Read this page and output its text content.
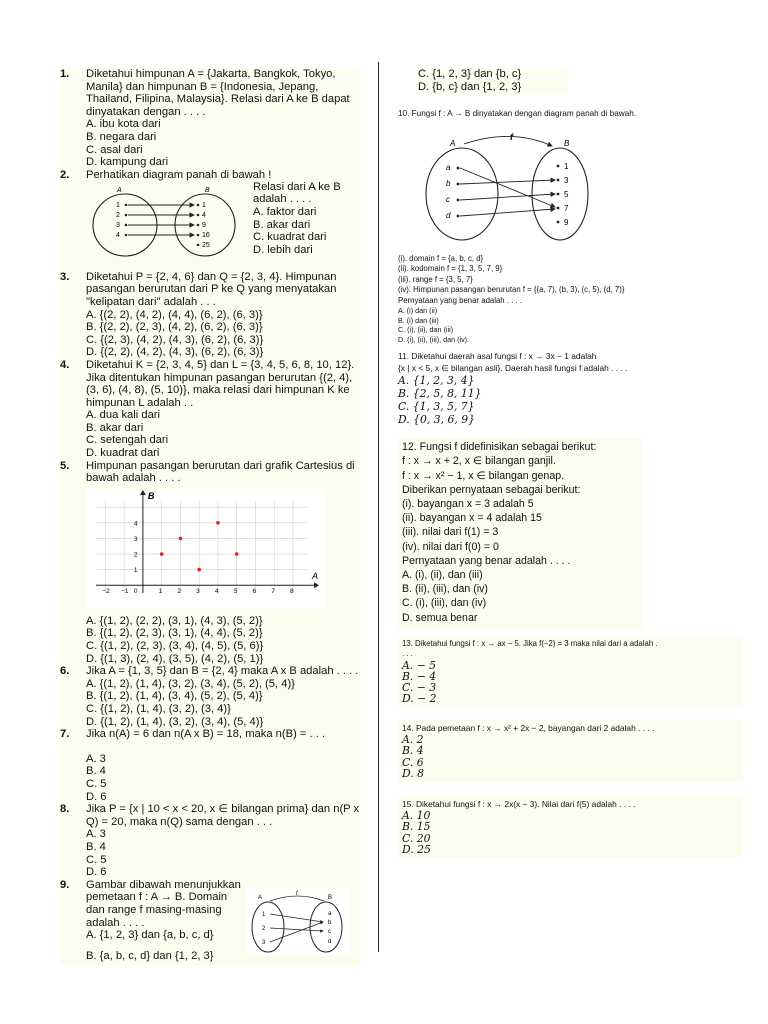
1. Diketahui himpunan A = {Jakarta, Bangkok, Tokyo, Manila} dan himpunan B = {Indonesia, Jepang, Thailand, Filipina, Malaysia}. Relasi dari A ke B dapat dinyatakan dengan . . . .
A. ibu kota dari
B. negara dari
C. asal dari
D. kampung dari
2. Perhatikan diagram panah di bawah !
A	B
1
2
3
4
1
4
9
16
25
Relasi dari A ke B adalah . . . .
A. faktor dari
B. akar dari
C. kuadrat dari
D. lebih dari
3. Diketahui P = {2, 4, 6} dan Q = {2, 3, 4}. Himpunan pasangan berurutan dari P ke Q yang menyatakan "kelipatan dari" adalah . . .
A. {(2, 2), (4, 2), (4, 4), (6, 2), (6, 3)}
B. {(2, 2), (2, 3), (4, 2), (6, 2), (6, 3)}
C. {(2, 3), (4, 2), (4, 3), (6, 2), (6, 3)}
D. {(2, 2), (4, 2), (4, 3), (6, 2), (6, 3)}
4. Diketahui K = {2, 3, 4, 5} dan L = {3, 4, 5, 6, 8, 10, 12}. Jika ditentukan himpunan pasangan berurutan {(2, 4), (3, 6), (4, 8), (5, 10)}, maka relasi dari himpunan K ke himpunan L adalah . .
A. dua kali dari
B. akar dari
C. setengah dari
D. kuadrat dari
5. Himpunan pasangan berurutan dari grafik Cartesius di bawah adalah . . . .
A
B
−2 −1 0	1 2 3 4 5 6 7 8
1
2
3
4
A. {(1, 2), (2, 2), (3, 1), (4, 3), (5, 2)}
B. {(1, 2), (2, 3), (3, 1), (4, 4), (5, 2)}
C. {(1, 2), (2, 3), (3, 4), (4, 5), (5, 6)}
D. {(1, 3), (2, 4), (3, 5), (4, 2), (5, 1)}
6. Jika A = {1, 3, 5} dan B = {2, 4} maka A x B adalah . . . .
A. {(1, 2), (1, 4), (3, 2), (3, 4), (5, 2), (5, 4)}
B. {(1, 2), (1, 4), (3, 4), (5, 2), (5, 4)}
C. {(1, 2), (1, 4), (3, 2), (3, 4)}
D. {(1, 2), (1, 4), (3, 2), (3, 4), (5, 4)}
7. Jika n(A) = 6 dan n(A x B) = 18, maka n(B) = . . .
A. 3
B. 4
C. 5
D. 6
8. Jika P = {x | 10 < x < 20, x ∈ bilangan prima} dan n(P x Q) = 20, maka n(Q) sama dengan . . .
A. 3
B. 4
C. 5
D. 6
9. Gambar dibawah menunjukkan pemetaan f : A → B. Domain dan range f masing-masing adalah . . . .
A. {1, 2, 3} dan {a, b, c, d}
B. {a, b, c, d} dan {1, 2, 3}
f
A	B
1
2
3
a
b
c
d
C. {1, 2, 3} dan {b, c}
D. {b, c} dan {1, 2, 3}
10. Fungsi f : A → B dinyatakan dengan diagram panah di bawah.
f
A	B
a
b
c
d
1
3
5
7
9
(i). domain f = {a, b, c, d}
(ii). kodomain f = {1, 3, 5, 7, 9}
(iii). range f = {3, 5, 7}
(iv). Himpunan pasangan berurutan f = {(a, 7), (b, 3), (c, 5), (d, 7)}
Pernyataan yang benar adalah . . . .
A. (i) dan (ii)
B. (i) dan (iii)
C. (i), (ii), dan (iii)
D. (i), (ii), (iii), dan (iv).
11. Diketahui daerah asal fungsi f : x → 3x − 1 adalah
{x | x < 5, x ∈ bilangan asli}. Daerah hasil fungsi f adalah . . . .
A. {1, 2, 3, 4}
B. {2, 5, 8, 11}
C. {1, 3, 5, 7}
D. {0, 3, 6, 9}
12. Fungsi f didefinisikan sebagai berikut:
f : x → x + 2, x ∈ bilangan ganjil.
f : x → x² − 1, x ∈ bilangan genap.
Diberikan pernyataan sebagai berikut:
(i). bayangan x = 3 adalah 5
(ii). bayangan x = 4 adalah 15
(iii). nilai dari f(1) = 3
(iv). nilai dari f(0) = 0
Pernyataan yang benar adalah . . . .
A. (i), (ii), dan (iii)
B. (ii), (iii), dan (iv)
C. (i), (iii), dan (iv)
D. semua benar
13. Diketahui fungsi f : x → ax − 5. Jika f(−2) = 3 maka nilai dari a adalah .
. . .
A. − 5
B. − 4
C. − 3
D. − 2
14. Pada pemetaan f : x → x² + 2x − 2, bayangan dari 2 adalah . . . .
A. 2
B. 4
C. 6
D. 8
15. Diketahui fungsi f : x → 2x(x − 3). Nilai dari f(5) adalah . . . .
A. 10
B. 15
C. 20
D. 25
